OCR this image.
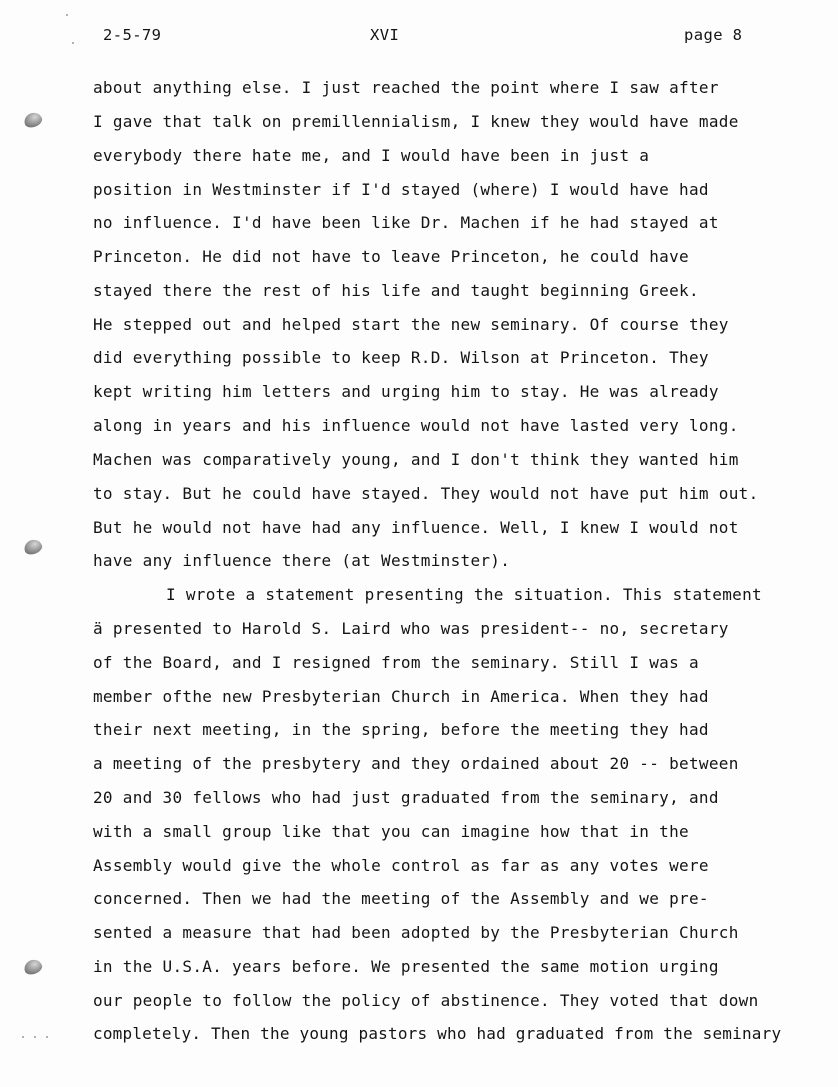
2-5-79	XVI	page 8
about anything else. I just reached the point where I saw after
I gave that talk on premillennialism, I knew they would have made
everybody there hate me, and I would have been in just a
position in Westminster if I'd stayed (where) I would have had
no influence. I'd have been like Dr. Machen if he had stayed at
Princeton. He did not have to leave Princeton, he could have
stayed there the rest of his life and taught beginning Greek.
He stepped out and helped start the new seminary. Of course they
did everything possible to keep R.D. Wilson at Princeton. They
kept writing him letters and urging him to stay. He was already
along in years and his influence would not have lasted very long.
Machen was comparatively young, and I don't think they wanted him
to stay. But he could have stayed. They would not have put him out.
But he would not have had any influence. Well, I knew I would not
have any influence there (at Westminster).
I wrote a statement presenting the situation. This statement
ä presented to Harold S. Laird who was president-- no, secretary
of the Board, and I resigned from the seminary. Still I was a
member ofthe new Presbyterian Church in America. When they had
their next meeting, in the spring, before the meeting they had
a meeting of the presbytery and they ordained about 20 -- between
20 and 30 fellows who had just graduated from the seminary, and
with a small group like that you can imagine how that in the
Assembly would give the whole control as far as any votes were
concerned. Then we had the meeting of the Assembly and we pre-
sented a measure that had been adopted by the Presbyterian Church
in the U.S.A. years before. We presented the same motion urging
our people to follow the policy of abstinence. They voted that down
completely. Then the young pastors who had graduated from the seminary
